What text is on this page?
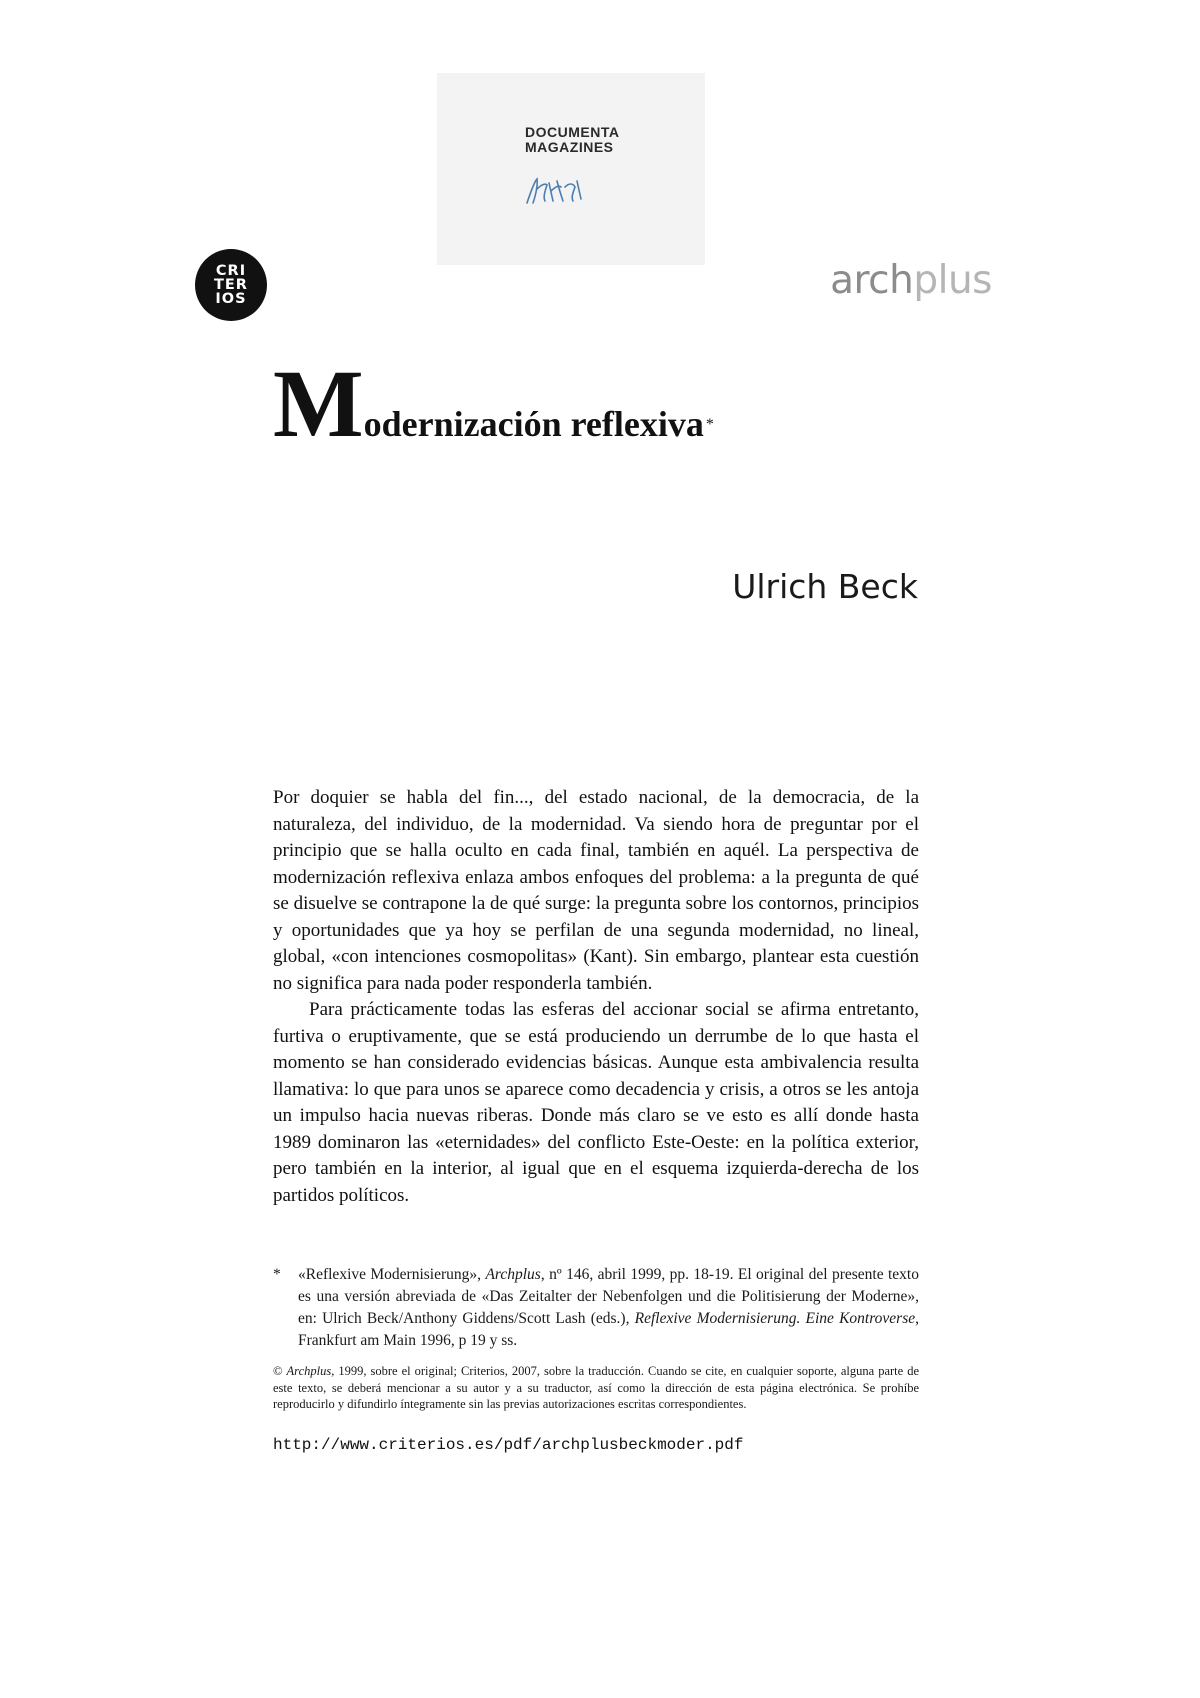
DOCUMENTA
MAGAZINES
CRI
TER
IOS	archplus
Modernización reflexiva *
Ulrich Beck

Por doquier se habla del fin..., del estado nacional, de la democracia, de la naturaleza, del individuo, de la modernidad. Va siendo hora de preguntar por el principio que se halla oculto en cada final, también en aquél. La perspectiva de modernización reflexiva enlaza ambos enfoques del problema: a la pregunta de qué se disuelve se contrapone la de qué surge: la pregunta sobre los contornos, principios y oportunidades que ya hoy se perfilan de una segunda modernidad, no lineal, global, «con intenciones cosmopolitas» (Kant). Sin embargo, plantear esta cuestión no significa para nada poder responderla también.

Para prácticamente todas las esferas del accionar social se afirma entretanto, furtiva o eruptivamente, que se está produciendo un derrumbe de lo que hasta el momento se han considerado evidencias básicas. Aunque esta ambivalencia resulta llamativa: lo que para unos se aparece como decadencia y crisis, a otros se les antoja un impulso hacia nuevas riberas. Donde más claro se ve esto es allí donde hasta 1989 dominaron las «eternidades» del conflicto Este-Oeste: en la política exterior, pero también en la interior, al igual que en el esquema izquierda-derecha de los partidos políticos.

* «Reflexive Modernisierung», Archplus, nº 146, abril 1999, pp. 18-19. El original del presente texto es una versión abreviada de «Das Zeitalter der Nebenfolgen und die Politisierung der Moderne», en: Ulrich Beck/Anthony Giddens/Scott Lash (eds.), Reflexive Modernisierung. Eine Kontroverse, Frankfurt am Main 1996, p 19 y ss.
© Archplus, 1999, sobre el original; Criterios, 2007, sobre la traducción. Cuando se cite, en cualquier soporte, alguna parte de este texto, se deberá mencionar a su autor y a su traductor, así como la dirección de esta página electrónica. Se prohíbe reproducirlo y difundirlo íntegramente sin las previas autorizaciones escritas correspondientes.
http://www.criterios.es/pdf/archplusbeckmoder.pdf
